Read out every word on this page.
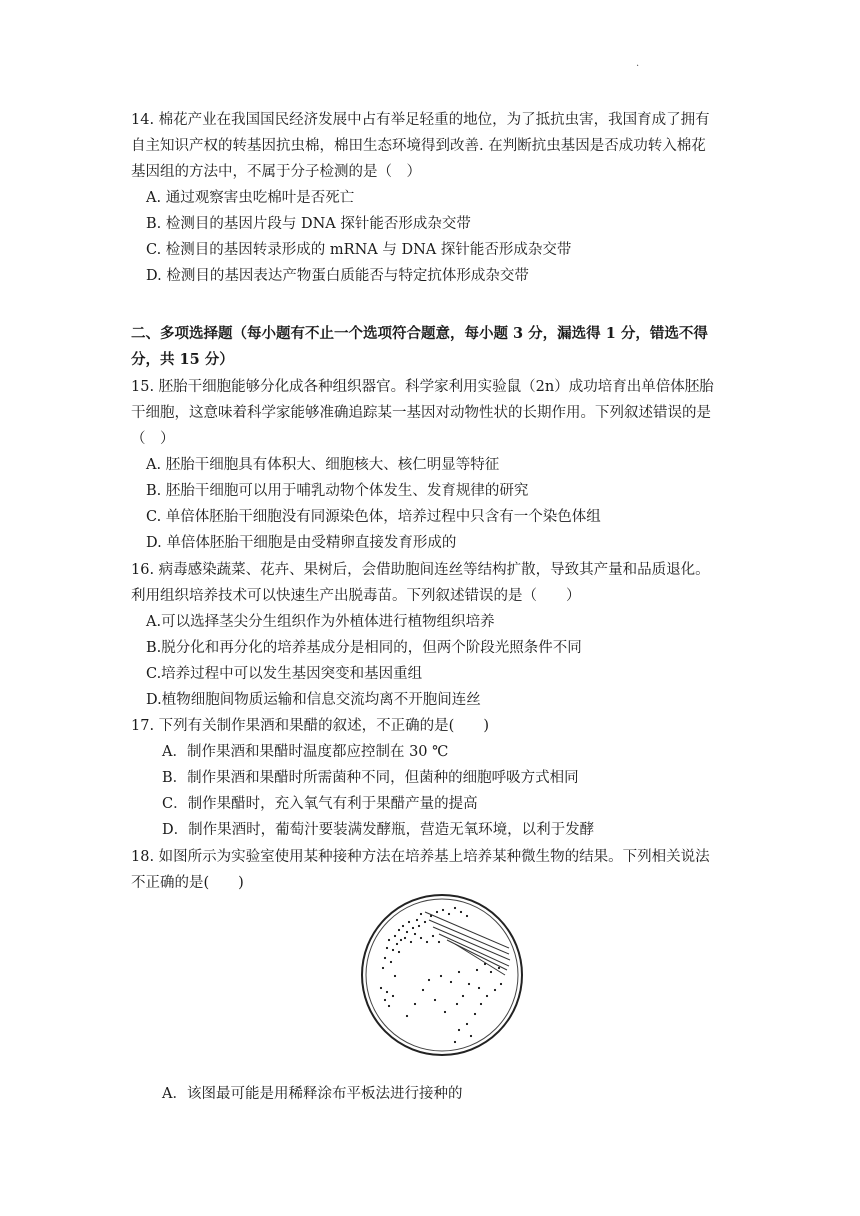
.
14. 棉花产业在我国国民经济发展中占有举足轻重的地位，为了抵抗虫害，我国育成了拥有
自主知识产权的转基因抗虫棉，棉田生态环境得到改善. 在判断抗虫基因是否成功转入棉花
基因组的方法中，不属于分子检测的是（　）
A. 通过观察害虫吃棉叶是否死亡
B. 检测目的基因片段与 DNA 探针能否形成杂交带
C. 检测目的基因转录形成的 mRNA 与 DNA 探针能否形成杂交带
D. 检测目的基因表达产物蛋白质能否与特定抗体形成杂交带
二、多项选择题（每小题有不止一个选项符合题意，每小题 3 分，漏选得 1 分，错选不得
分，共 15 分）
15. 胚胎干细胞能够分化成各种组织器官。科学家利用实验鼠（2n）成功培育出单倍体胚胎
干细胞，这意味着科学家能够准确追踪某一基因对动物性状的长期作用。下列叙述错误的是
（　）
A. 胚胎干细胞具有体积大、细胞核大、核仁明显等特征
B. 胚胎干细胞可以用于哺乳动物个体发生、发育规律的研究
C. 单倍体胚胎干细胞没有同源染色体，培养过程中只含有一个染色体组
D. 单倍体胚胎干细胞是由受精卵直接发育形成的
16. 病毒感染蔬菜、花卉、果树后，会借助胞间连丝等结构扩散，导致其产量和品质退化。
利用组织培养技术可以快速生产出脱毒苗。下列叙述错误的是（　　）
A.可以选择茎尖分生组织作为外植体进行植物组织培养
B.脱分化和再分化的培养基成分是相同的，但两个阶段光照条件不同
C.培养过程中可以发生基因突变和基因重组
D.植物细胞间物质运输和信息交流均离不开胞间连丝
17. 下列有关制作果酒和果醋的叙述，不正确的是(　　)
A．制作果酒和果醋时温度都应控制在 30 ℃
B．制作果酒和果醋时所需菌种不同，但菌种的细胞呼吸方式相同
C．制作果醋时，充入氧气有利于果醋产量的提高
D．制作果酒时，葡萄汁要装满发酵瓶，营造无氧环境，以利于发酵
18. 如图所示为实验室使用某种接种方法在培养基上培养某种微生物的结果。下列相关说法
不正确的是(　　)
A．该图最可能是用稀释涂布平板法进行接种的
